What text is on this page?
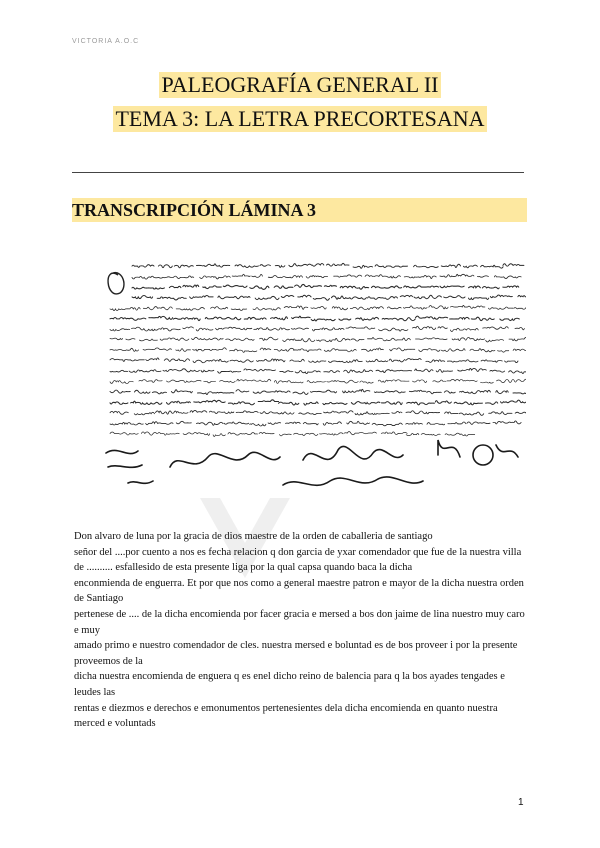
VICTORIA A.O.C
PALEOGRAFÍA GENERAL II
TEMA 3: LA LETRA PRECORTESANA
TRANSCRIPCIÓN LÁMINA 3

Don alvaro de luna por la gracia de dios maestre de la orden de caballeria de santiago

señor del ....por cuento a nos es fecha relacion q don garcia de yxar comendador que fue de la nuestra villa

de .......... esfallesido de esta presente liga por la qual capsa quando baca la dicha

enconmienda de enguerra. Et por que nos como a general maestre patron e mayor de la dicha nuestra orden de Santiago

pertenese de .... de la dicha encomienda por facer gracia e mersed a bos don jaime de lina nuestro muy caro e muy

amado primo e nuestro comendador de cles. nuestra mersed e boluntad es de bos proveer i por la presente proveemos de la

dicha nuestra encomienda de enguera q es enel dicho reino de balencia para q la bos ayades tengades e leudes las

rentas e diezmos e derechos e emonumentos pertenesientes dela dicha encomienda en quanto nuestra merced e voluntads

1
